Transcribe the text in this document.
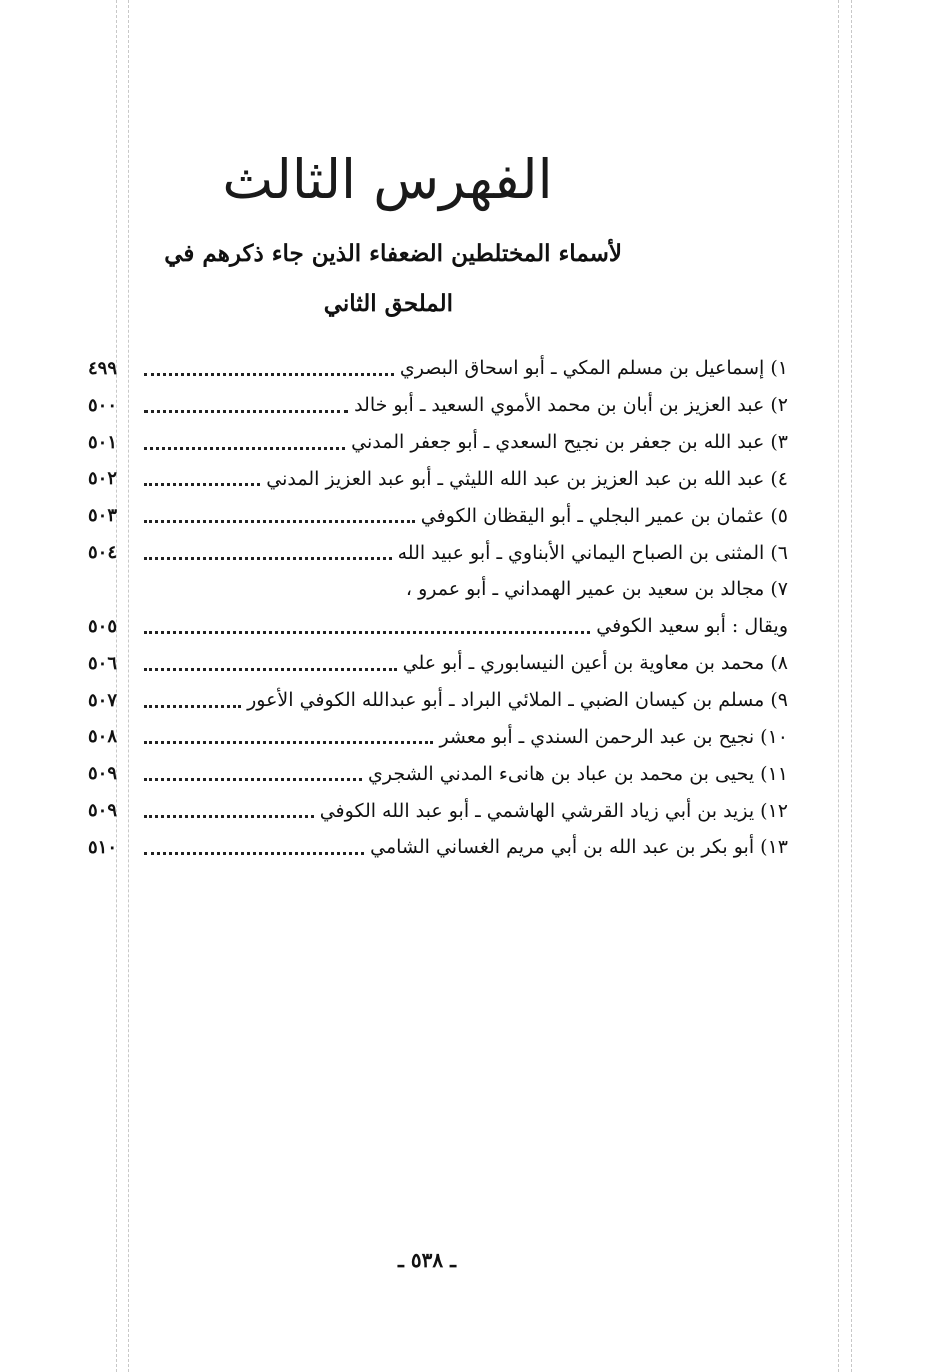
الفهرس الثالث
لأسماء المختلطين الضعفاء الذين جاء ذكرهم في
الملحق الثاني
١) إسماعيل بن مسلم المكي ـ أبو اسحاق البصري
٤٩٩
٢) عبد العزيز بن أبان بن محمد الأموي السعيد ـ أبو خالد
٥٠٠
٣) عبد الله بن جعفر بن نجيح السعدي ـ أبو جعفر المدني
٥٠١
٤) عبد الله بن عبد العزيز بن عبد الله الليثي ـ أبو عبد العزيز المدني
٥٠٢
٥) عثمان بن عمير البجلي ـ أبو اليقظان الكوفي
٥٠٣
٦) المثنى بن الصباح اليماني الأبناوي ـ أبو عبيد الله
٥٠٤
٧) مجالد بن سعيد بن عمير الهمداني ـ أبو عمرو ،
ويقال : أبو سعيد الكوفي
٥٠٥
٨) محمد بن معاوية بن أعين النيسابوري ـ أبو علي
٥٠٦
٩) مسلم بن كيسان الضبي ـ الملائي البراد ـ أبو عبدالله الكوفي الأعور
٥٠٧
١٠) نجيح بن عبد الرحمن السندي ـ أبو معشر
٥٠٨
١١) يحيى بن محمد بن عباد بن هانىء المدني الشجري
٥٠٩
١٢) يزيد بن أبي زياد القرشي الهاشمي ـ أبو عبد الله الكوفي
٥٠٩
١٣) أبو بكر بن عبد الله بن أبي مريم الغساني الشامي
٥١٠
ـ ٥٣٨ ـ
